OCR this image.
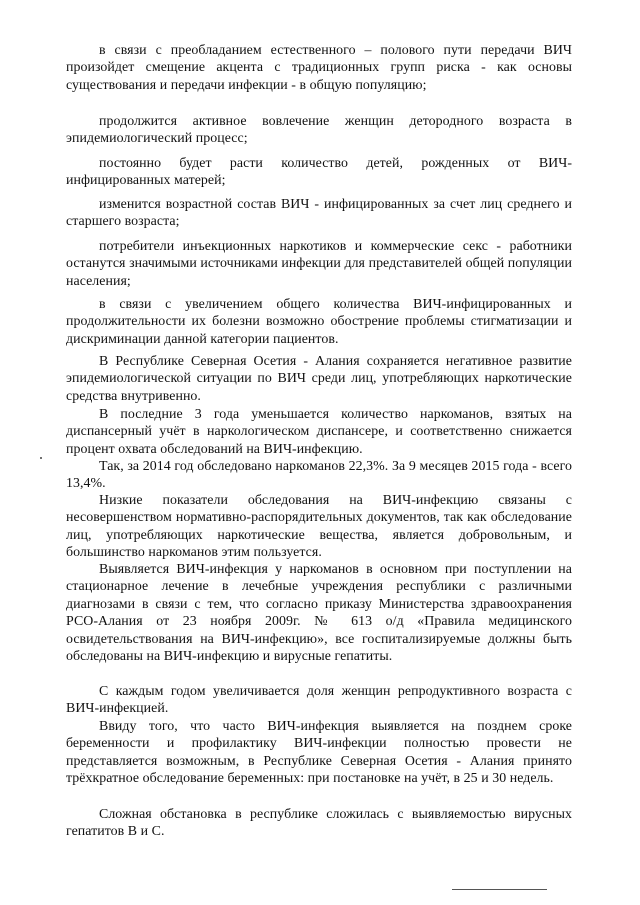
в связи с преобладанием естественного – полового пути передачи ВИЧ произойдет смещение акцента с традиционных групп риска - как основы существования и передачи инфекции - в общую популяцию;

продолжится активное вовлечение женщин детородного возраста в эпидемиологический процесс;

постоянно будет расти количество детей, рожденных от ВИЧ-инфицированных матерей;

изменится возрастной состав ВИЧ - инфицированных за счет лиц среднего и старшего возраста;

потребители инъекционных наркотиков и коммерческие секс - работники останутся значимыми источниками инфекции для представителей общей популяции населения;

в связи с увеличением общего количества ВИЧ-инфицированных и продолжительности их болезни возможно обострение проблемы стигматизации и дискриминации данной категории пациентов.

В Республике Северная Осетия - Алания сохраняется негативное развитие эпидемиологической ситуации по ВИЧ среди лиц, употребляющих наркотические средства внутривенно.

В последние 3 года уменьшается количество наркоманов, взятых на диспансерный учёт в наркологическом диспансере, и соответственно снижается процент охвата обследований на ВИЧ-инфекцию.

Так, за 2014 год обследовано наркоманов 22,3%. За 9 месяцев 2015 года - всего 13,4%.

Низкие показатели обследования на ВИЧ-инфекцию связаны с несовершенством нормативно-распорядительных документов, так как обследование лиц, употребляющих наркотические вещества, является добровольным, и большинство наркоманов этим пользуется.

Выявляется ВИЧ-инфекция у наркоманов в основном при поступлении на стационарное лечение в лечебные учреждения республики с различными диагнозами в связи с тем, что согласно приказу Министерства здравоохранения РСО-Алания от 23 ноября 2009г. № 613 о/д «Правила медицинского освидетельствования на ВИЧ-инфекцию», все госпитализируемые должны быть обследованы на ВИЧ-инфекцию и вирусные гепатиты.

С каждым годом увеличивается доля женщин репродуктивного возраста с ВИЧ-инфекцией.

Ввиду того, что часто ВИЧ-инфекция выявляется на позднем сроке беременности и профилактику ВИЧ-инфекции полностью провести не представляется возможным, в Республике Северная Осетия - Алания принято трёхкратное обследование беременных: при постановке на учёт, в 25 и 30 недель.

Сложная обстановка в республике сложилась с выявляемостью вирусных гепатитов В и С.
